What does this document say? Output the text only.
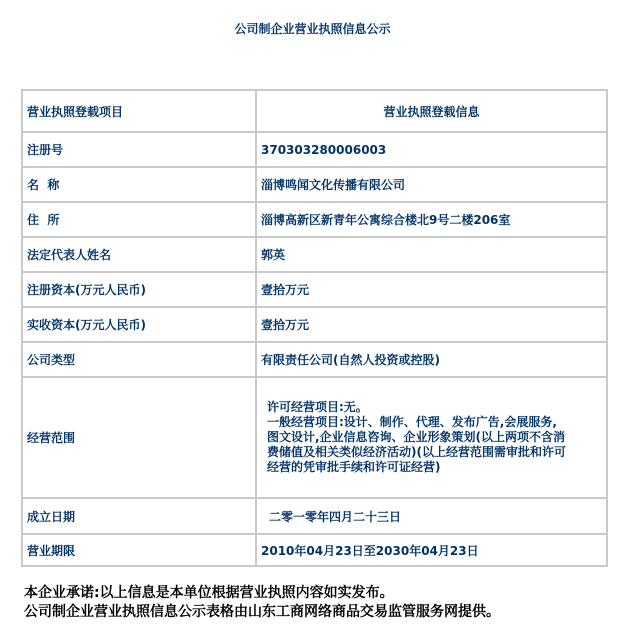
公司制企业营业执照信息公示
营业执照登载项目	营业执照登载信息
注册号	370303280006003
名  称	淄博鸣闻文化传播有限公司
住  所	淄博高新区新青年公寓综合楼北9号二楼206室
法定代表人姓名	郭英
注册资本(万元人民币)	壹拾万元
实收资本(万元人民币)	壹拾万元
公司类型	有限责任公司(自然人投资或控股)
经营范围	许可经营项目:无。
一般经营项目:设计、制作、代理、发布广告,会展服务,
图文设计,企业信息咨询、企业形象策划(以上两项不含消
费储值及相关类似经济活动)(以上经营范围需审批和许可
经营的凭审批手续和许可证经营)

成立日期	二零一零年四月二十三日
营业期限	2010年04月23日至2030年04月23日
本企业承诺:以上信息是本单位根据营业执照内容如实发布。
公司制企业营业执照信息公示表格由山东工商网络商品交易监管服务网提供。
